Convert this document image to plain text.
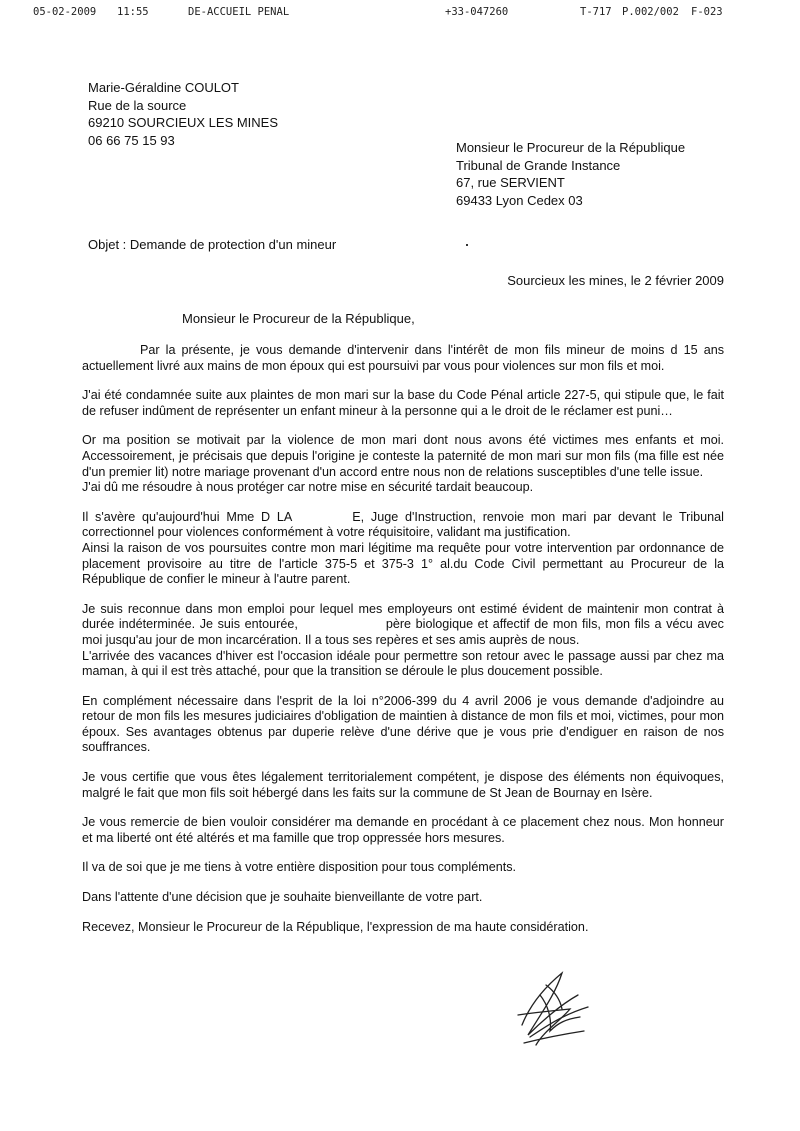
05-02-2009 11:55	DE-ACCUEIL PENAL	+33-047260	T-717 P.002/002 F-023
Marie-Géraldine COULOT
Rue de la source
69210 SOURCIEUX LES MINES
06 66 75 15 93	Monsieur le Procureur de la République
Tribunal de Grande Instance
67, rue SERVIENT
69433 Lyon Cedex 03
Objet : Demande de protection d'un mineur
Sourcieux les mines, le 2 février 2009
Monsieur le Procureur de la République,

Par la présente, je vous demande d'intervenir dans l'intérêt de mon fils mineur de moins d 15 ans actuellement livré aux mains de mon époux qui est poursuivi par vous pour violences sur mon fils et moi.

J'ai été condamnée suite aux plaintes de mon mari sur la base du Code Pénal article 227-5, qui stipule que, le fait de refuser indûment de représenter un enfant mineur à la personne qui a le droit de le réclamer est puni…

Or ma position se motivait par la violence de mon mari dont nous avons été victimes mes enfants et moi. Accessoirement, je précisais que depuis l'origine je conteste la paternité de mon mari sur mon fils (ma fille est née d'un premier lit) notre mariage provenant d'un accord entre nous non de relations susceptibles d'une telle issue.

J'ai dû me résoudre à nous protéger car notre mise en sécurité tardait beaucoup.

Il s'avère qu'aujourd'hui Mme D LA	E, Juge d'Instruction, renvoie mon mari par devant le Tribunal correctionnel pour violences conformément à votre réquisitoire, validant ma justification.

Ainsi la raison de vos poursuites contre mon mari légitime ma requête pour votre intervention par ordonnance de placement provisoire au titre de l'article 375-5 et 375-3 1° al.du Code Civil permettant au Procureur de la République de confier le mineur à l'autre parent.

Je suis reconnue dans mon emploi pour lequel mes employeurs ont estimé évident de maintenir mon contrat à durée indéterminée. Je suis entourée,	père biologique et affectif de mon fils, mon fils a vécu avec moi jusqu'au jour de mon incarcération. Il a tous ses repères et ses amis auprès de nous.

L'arrivée des vacances d'hiver est l'occasion idéale pour permettre son retour avec le passage aussi par chez ma maman, à qui il est très attaché, pour que la transition se déroule le plus doucement possible.

En complément nécessaire dans l'esprit de la loi n°2006-399 du 4 avril 2006 je vous demande d'adjoindre au retour de mon fils les mesures judiciaires d'obligation de maintien à distance de mon fils et moi, victimes, pour mon époux. Ses avantages obtenus par duperie relève d'une dérive que je vous prie d'endiguer en raison de nos souffrances.

Je vous certifie que vous êtes légalement territorialement compétent, je dispose des éléments non équivoques, malgré le fait que mon fils soit hébergé dans les faits sur la commune de St Jean de Bournay en Isère.

Je vous remercie de bien vouloir considérer ma demande en procédant à ce placement chez nous. Mon honneur et ma liberté ont été altérés et ma famille que trop oppressée hors mesures.

Il va de soi que je me tiens à votre entière disposition pour tous compléments.

Dans l'attente d'une décision que je souhaite bienveillante de votre part.

Recevez, Monsieur le Procureur de la République, l'expression de ma haute considération.
